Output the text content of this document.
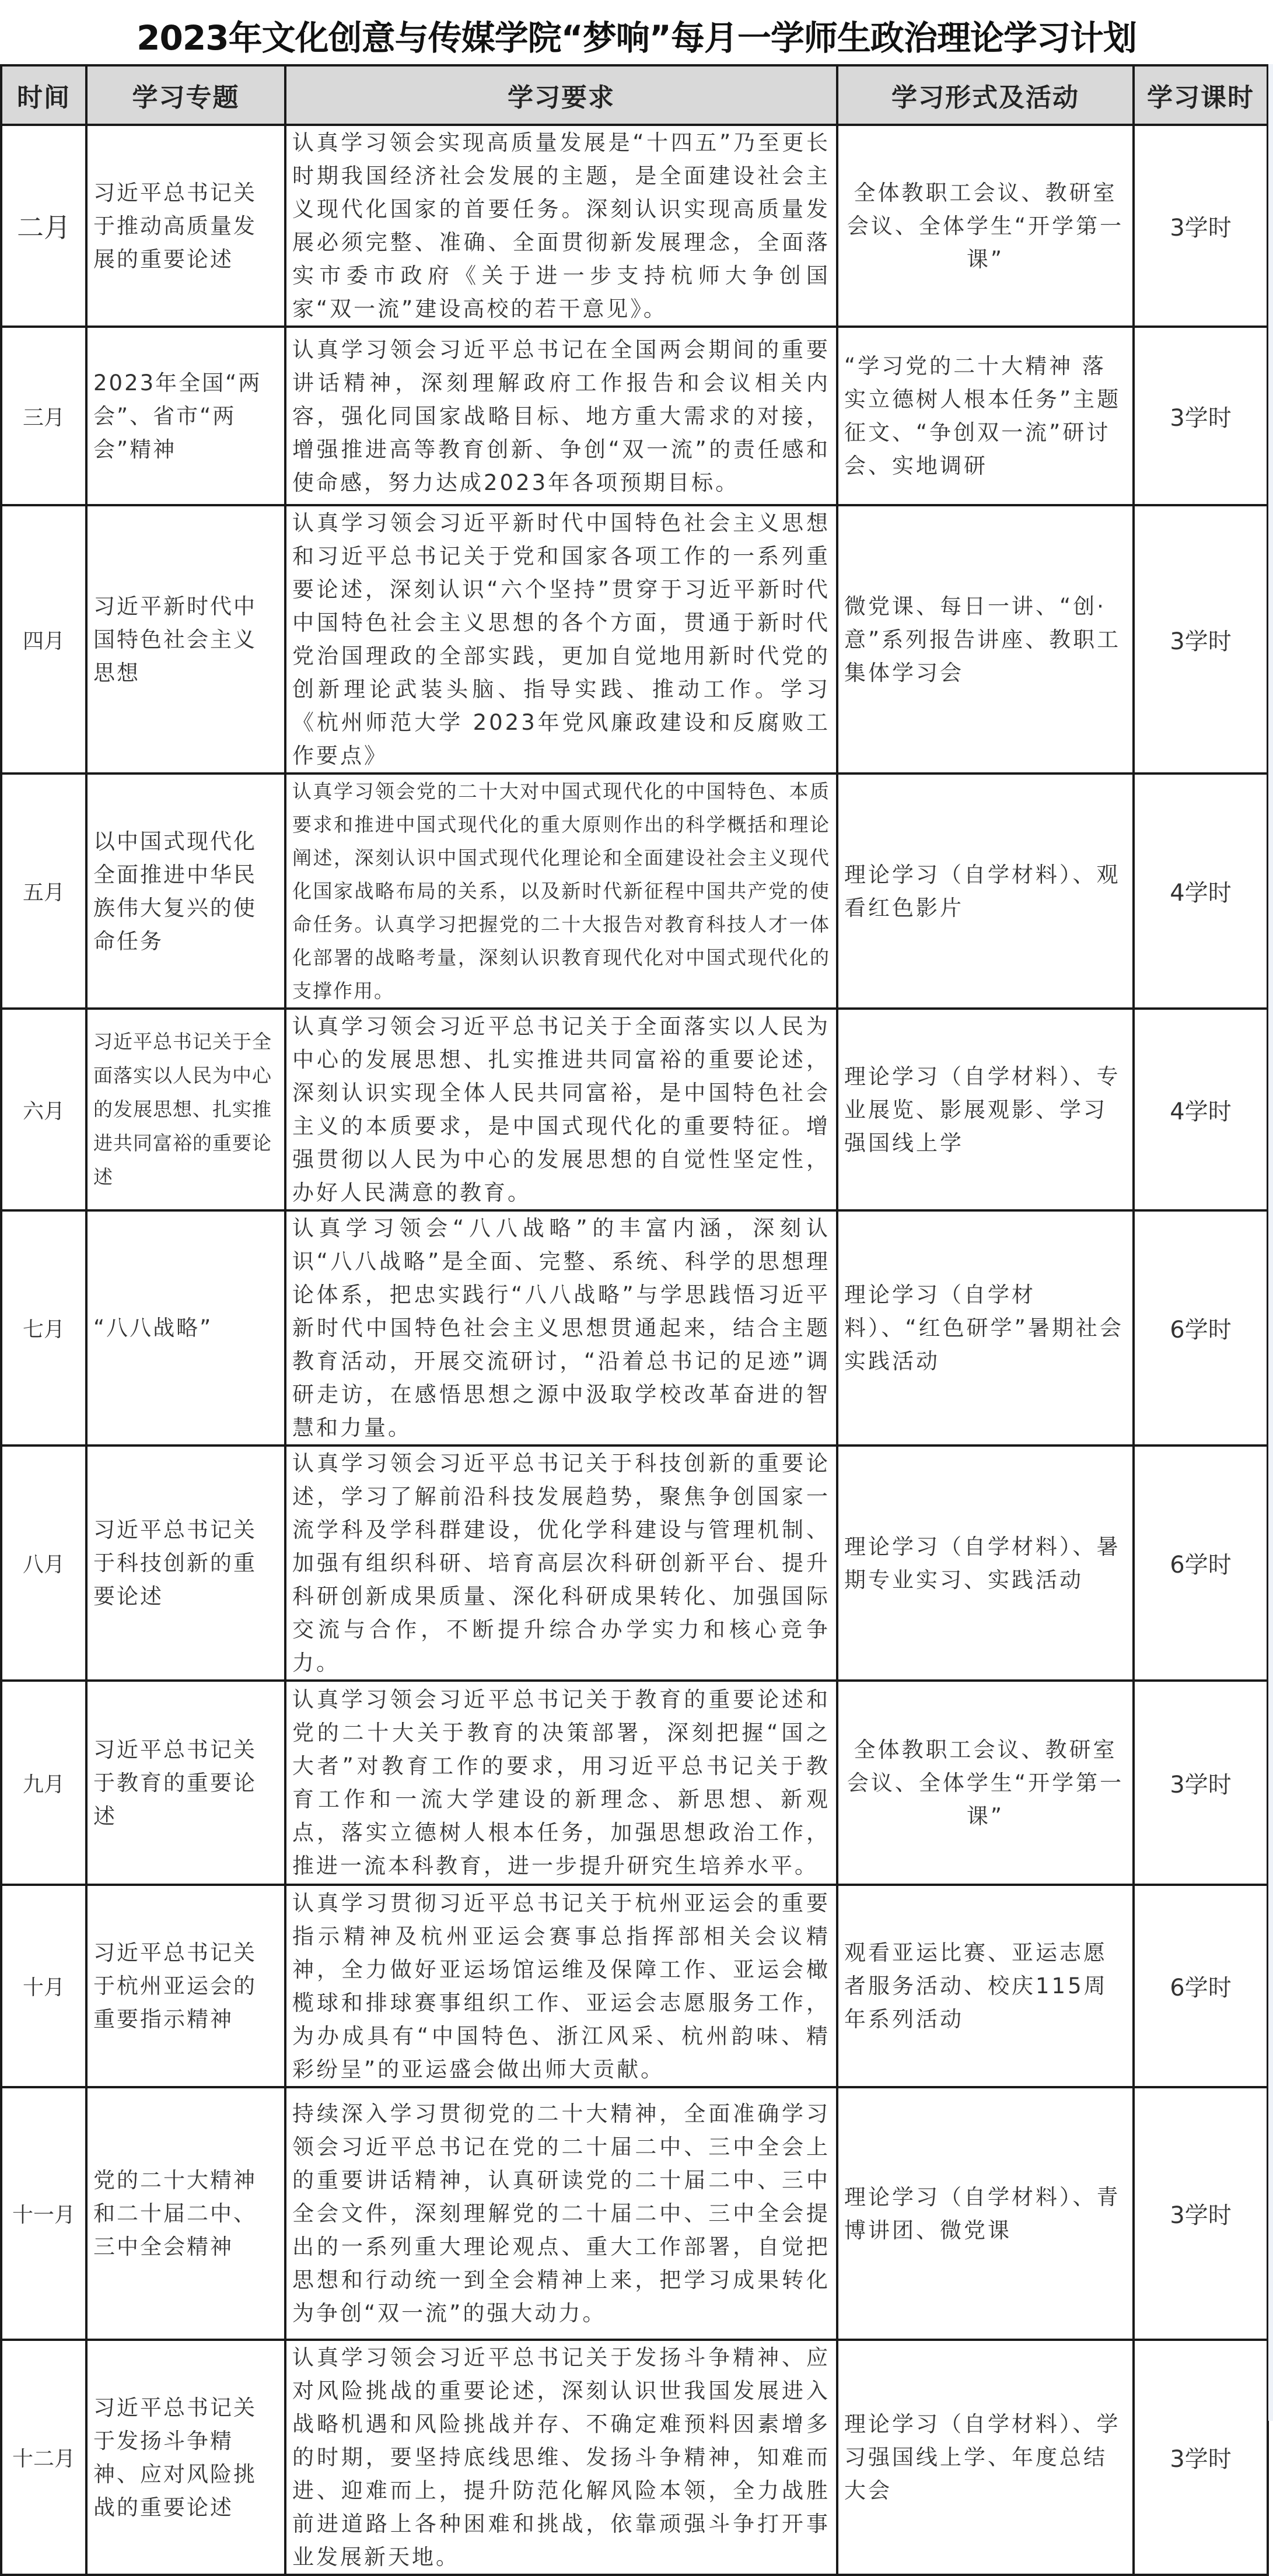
2023年文化创意与传媒学院“梦响”每月一学师生政治理论学习计划
时间	学习专题	学习要求	学习形式及活动	学习课时
二月	习近平总书记关于推动高质量发展的重要论述	认真学习领会实现高质量发展是“十四五”乃至更长时期我国经济社会发展的主题，是全面建设社会主义现代化国家的首要任务。深刻认识实现高质量发展必须完整、准确、全面贯彻新发展理念，全面落实市委市政府《关于进一步支持杭师大争创国家“双一流”建设高校的若干意见》。	全体教职工会议、教研室会议、全体学生“开学第一课”	3学时
三月	2023年全国“两会”、省市“两会”精神	认真学习领会习近平总书记在全国两会期间的重要讲话精神，深刻理解政府工作报告和会议相关内容，强化同国家战略目标、地方重大需求的对接，增强推进高等教育创新、争创“双一流”的责任感和使命感，努力达成2023年各项预期目标。	“学习党的二十大精神 落实立德树人根本任务”主题征文、“争创双一流”研讨会、实地调研	3学时
四月	习近平新时代中国特色社会主义思想	认真学习领会习近平新时代中国特色社会主义思想和习近平总书记关于党和国家各项工作的一系列重要论述，深刻认识“六个坚持”贯穿于习近平新时代中国特色社会主义思想的各个方面，贯通于新时代党治国理政的全部实践，更加自觉地用新时代党的创新理论武装头脑、指导实践、推动工作。学习《杭州师范大学 2023年党风廉政建设和反腐败工作要点》	微党课、每日一讲、“创·意”系列报告讲座、教职工集体学习会	3学时
五月	以中国式现代化全面推进中华民族伟大复兴的使命任务	认真学习领会党的二十大对中国式现代化的中国特色、本质要求和推进中国式现代化的重大原则作出的科学概括和理论阐述，深刻认识中国式现代化理论和全面建设社会主义现代化国家战略布局的关系，以及新时代新征程中国共产党的使命任务。认真学习把握党的二十大报告对教育科技人才一体化部署的战略考量，深刻认识教育现代化对中国式现代化的支撑作用。	理论学习（自学材料）、观看红色影片	4学时
六月	习近平总书记关于全面落实以人民为中心的发展思想、扎实推进共同富裕的重要论述	认真学习领会习近平总书记关于全面落实以人民为中心的发展思想、扎实推进共同富裕的重要论述，深刻认识实现全体人民共同富裕，是中国特色社会主义的本质要求，是中国式现代化的重要特征。增强贯彻以人民为中心的发展思想的自觉性坚定性，办好人民满意的教育。	理论学习（自学材料）、专业展览、影展观影、学习强国线上学	4学时
七月	“八八战略”	认真学习领会“八八战略”的丰富内涵，深刻认识“八八战略”是全面、完整、系统、科学的思想理论体系，把忠实践行“八八战略”与学思践悟习近平新时代中国特色社会主义思想贯通起来，结合主题教育活动，开展交流研讨，“沿着总书记的足迹”调研走访，在感悟思想之源中汲取学校改革奋进的智慧和力量。	理论学习（自学材料）、“红色研学”暑期社会实践活动	6学时
八月	习近平总书记关于科技创新的重要论述	认真学习领会习近平总书记关于科技创新的重要论述，学习了解前沿科技发展趋势，聚焦争创国家一流学科及学科群建设，优化学科建设与管理机制、加强有组织科研、培育高层次科研创新平台、提升科研创新成果质量、深化科研成果转化、加强国际交流与合作，不断提升综合办学实力和核心竞争力。	理论学习（自学材料）、暑期专业实习、实践活动	6学时
九月	习近平总书记关于教育的重要论述	认真学习领会习近平总书记关于教育的重要论述和党的二十大关于教育的决策部署，深刻把握“国之大者”对教育工作的要求，用习近平总书记关于教育工作和一流大学建设的新理念、新思想、新观点，落实立德树人根本任务，加强思想政治工作，推进一流本科教育，进一步提升研究生培养水平。	全体教职工会议、教研室会议、全体学生“开学第一课”	3学时
十月	习近平总书记关于杭州亚运会的重要指示精神	认真学习贯彻习近平总书记关于杭州亚运会的重要指示精神及杭州亚运会赛事总指挥部相关会议精神，全力做好亚运场馆运维及保障工作、亚运会橄榄球和排球赛事组织工作、亚运会志愿服务工作，为办成具有“中国特色、浙江风采、杭州韵味、精彩纷呈”的亚运盛会做出师大贡献。	观看亚运比赛、亚运志愿者服务活动、校庆115周年系列活动	6学时
十一月	党的二十大精神和二十届二中、三中全会精神	持续深入学习贯彻党的二十大精神，全面准确学习领会习近平总书记在党的二十届二中、三中全会上的重要讲话精神，认真研读党的二十届二中、三中全会文件，深刻理解党的二十届二中、三中全会提出的一系列重大理论观点、重大工作部署，自觉把思想和行动统一到全会精神上来，把学习成果转化为争创“双一流”的强大动力。	理论学习（自学材料）、青博讲团、微党课	3学时
十二月	习近平总书记关于发扬斗争精神、应对风险挑战的重要论述	认真学习领会习近平总书记关于发扬斗争精神、应对风险挑战的重要论述，深刻认识世我国发展进入战略机遇和风险挑战并存、不确定难预料因素增多的时期，要坚持底线思维、发扬斗争精神，知难而进、迎难而上，提升防范化解风险本领，全力战胜前进道路上各种困难和挑战，依靠顽强斗争打开事业发展新天地。	理论学习（自学材料）、学习强国线上学、年度总结大会	3学时
